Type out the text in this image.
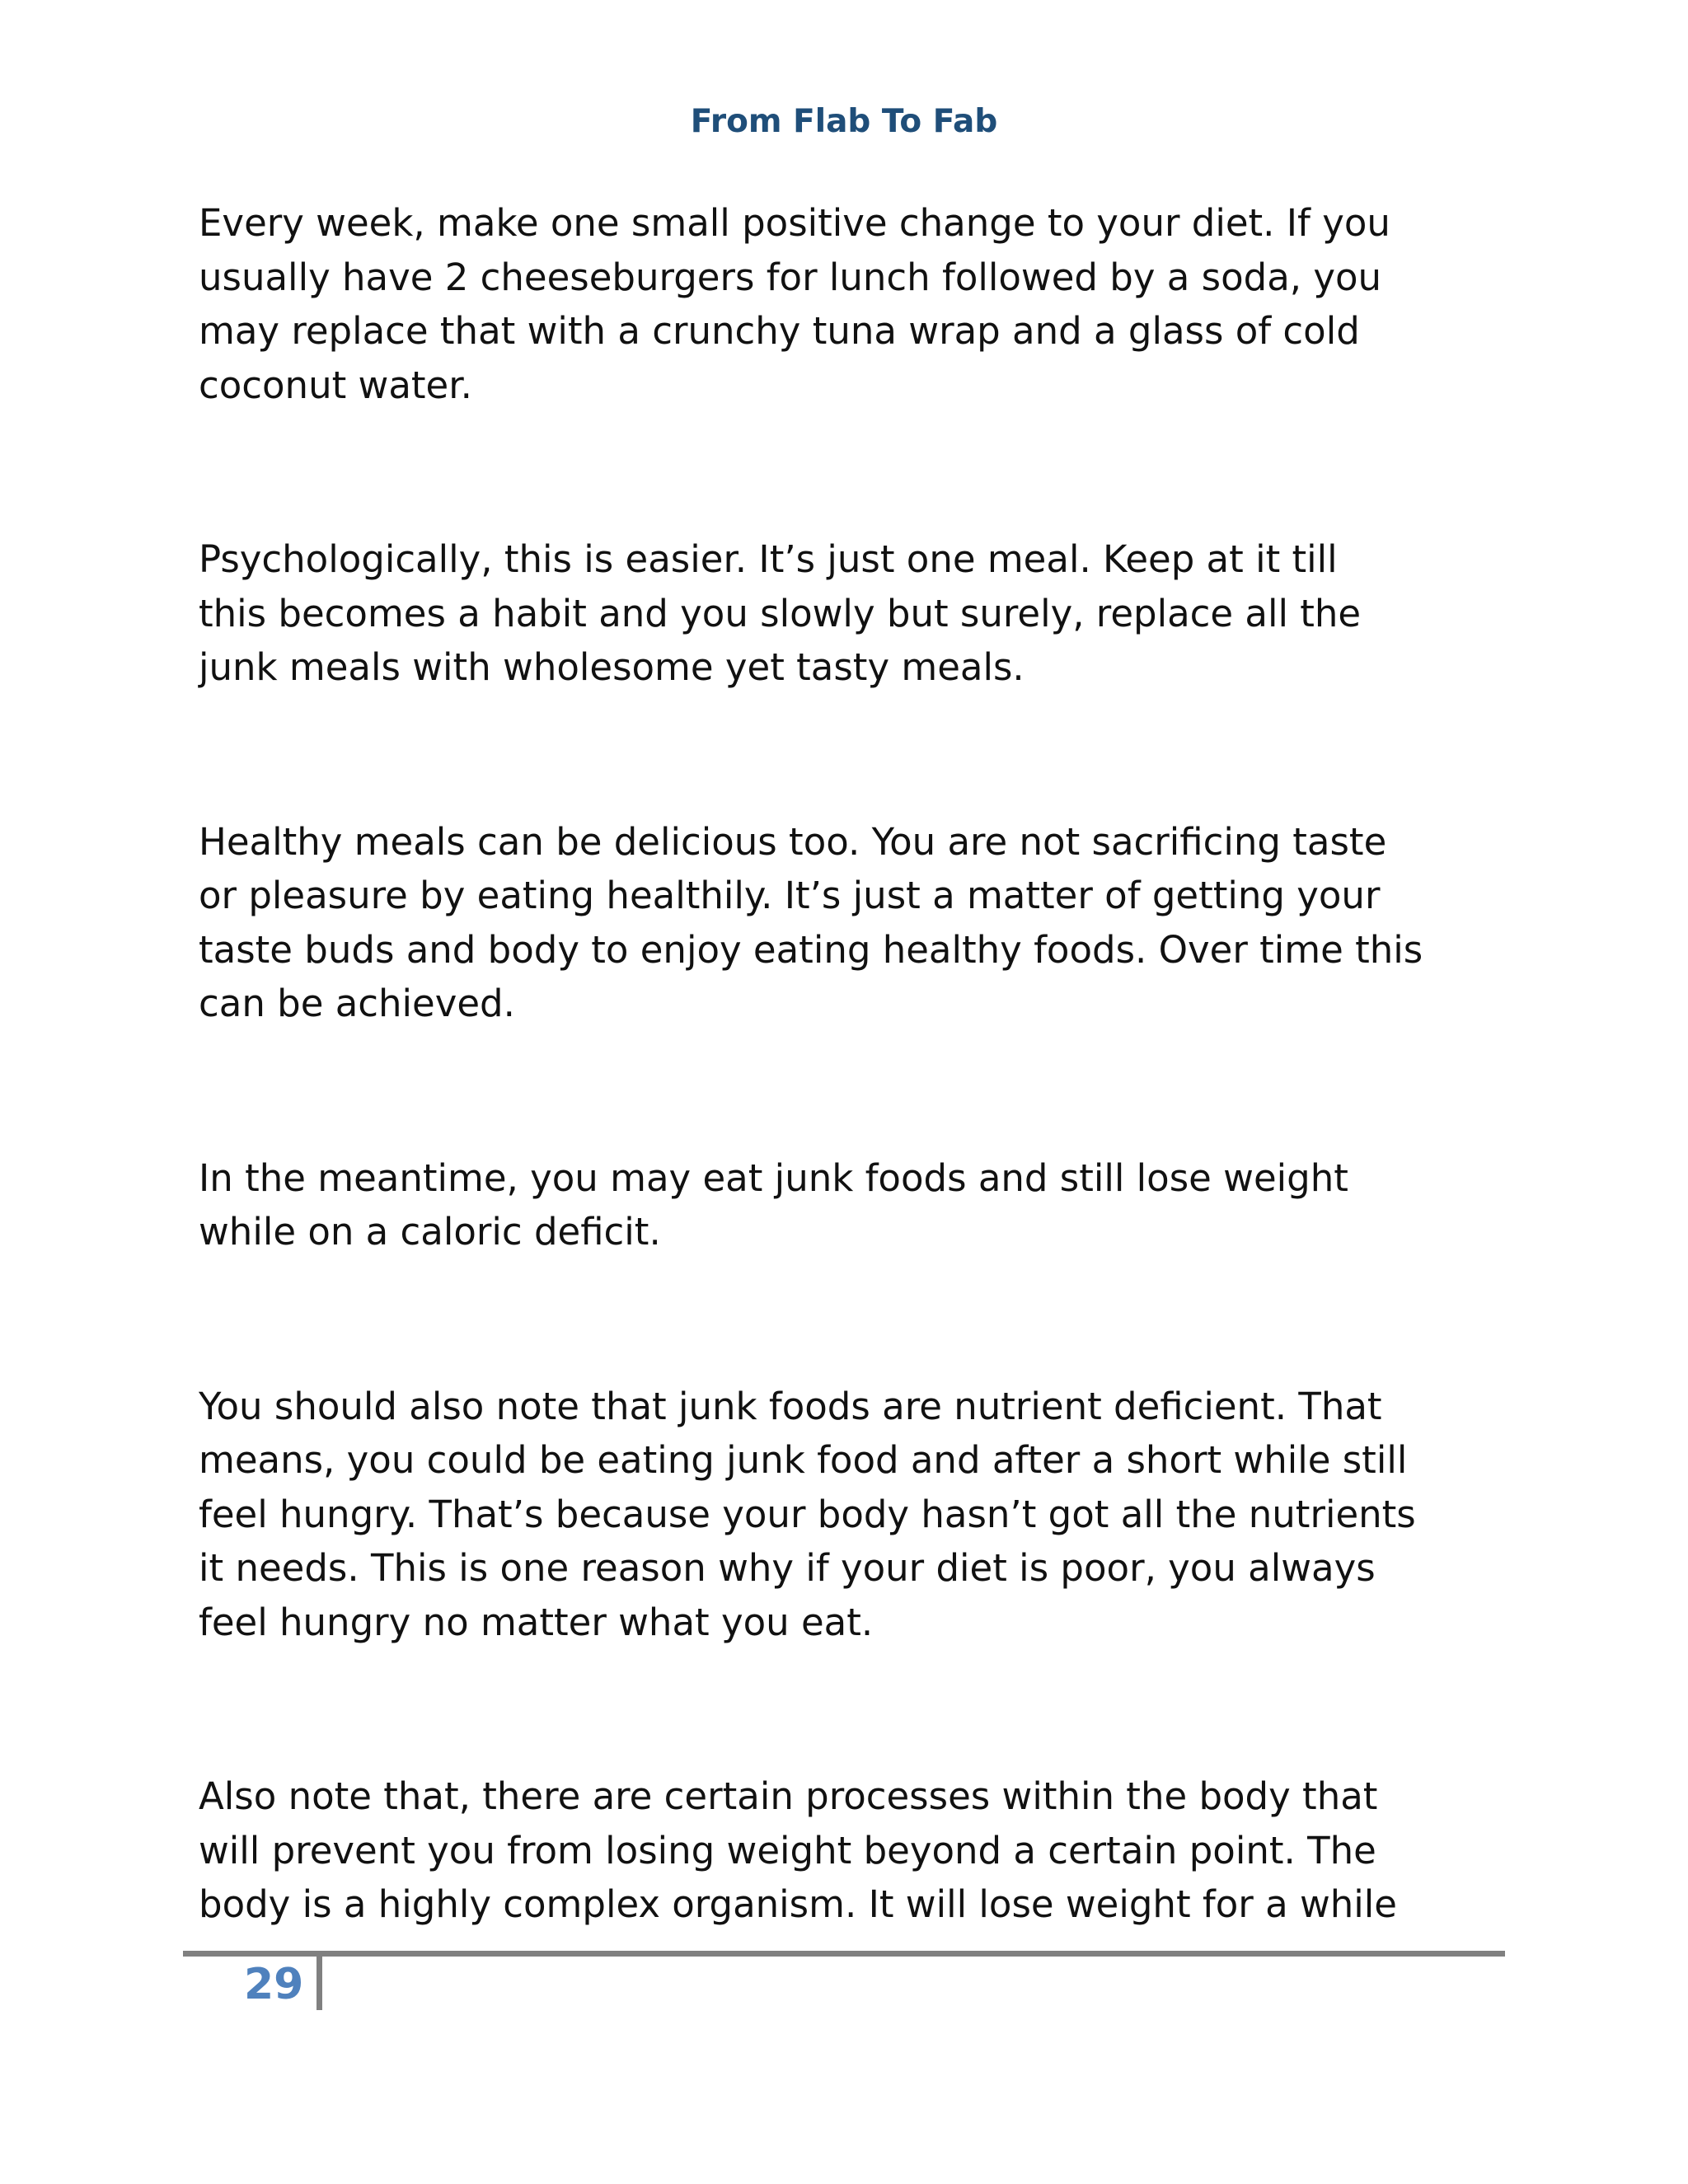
From Flab To Fab

Every week, make one small positive change to your diet. If you
usually have 2 cheeseburgers for lunch followed by a soda, you
may replace that with a crunchy tuna wrap and a glass of cold
coconut water.

Psychologically, this is easier. It’s just one meal. Keep at it till
this becomes a habit and you slowly but surely, replace all the
junk meals with wholesome yet tasty meals.

Healthy meals can be delicious too. You are not sacrificing taste
or pleasure by eating healthily. It’s just a matter of getting your
taste buds and body to enjoy eating healthy foods. Over time this
can be achieved.

In the meantime, you may eat junk foods and still lose weight
while on a caloric deficit.

You should also note that junk foods are nutrient deficient. That
means, you could be eating junk food and after a short while still
feel hungry. That’s because your body hasn’t got all the nutrients
it needs. This is one reason why if your diet is poor, you always
feel hungry no matter what you eat.

Also note that, there are certain processes within the body that
will prevent you from losing weight beyond a certain point. The
body is a highly complex organism. It will lose weight for a while

29
